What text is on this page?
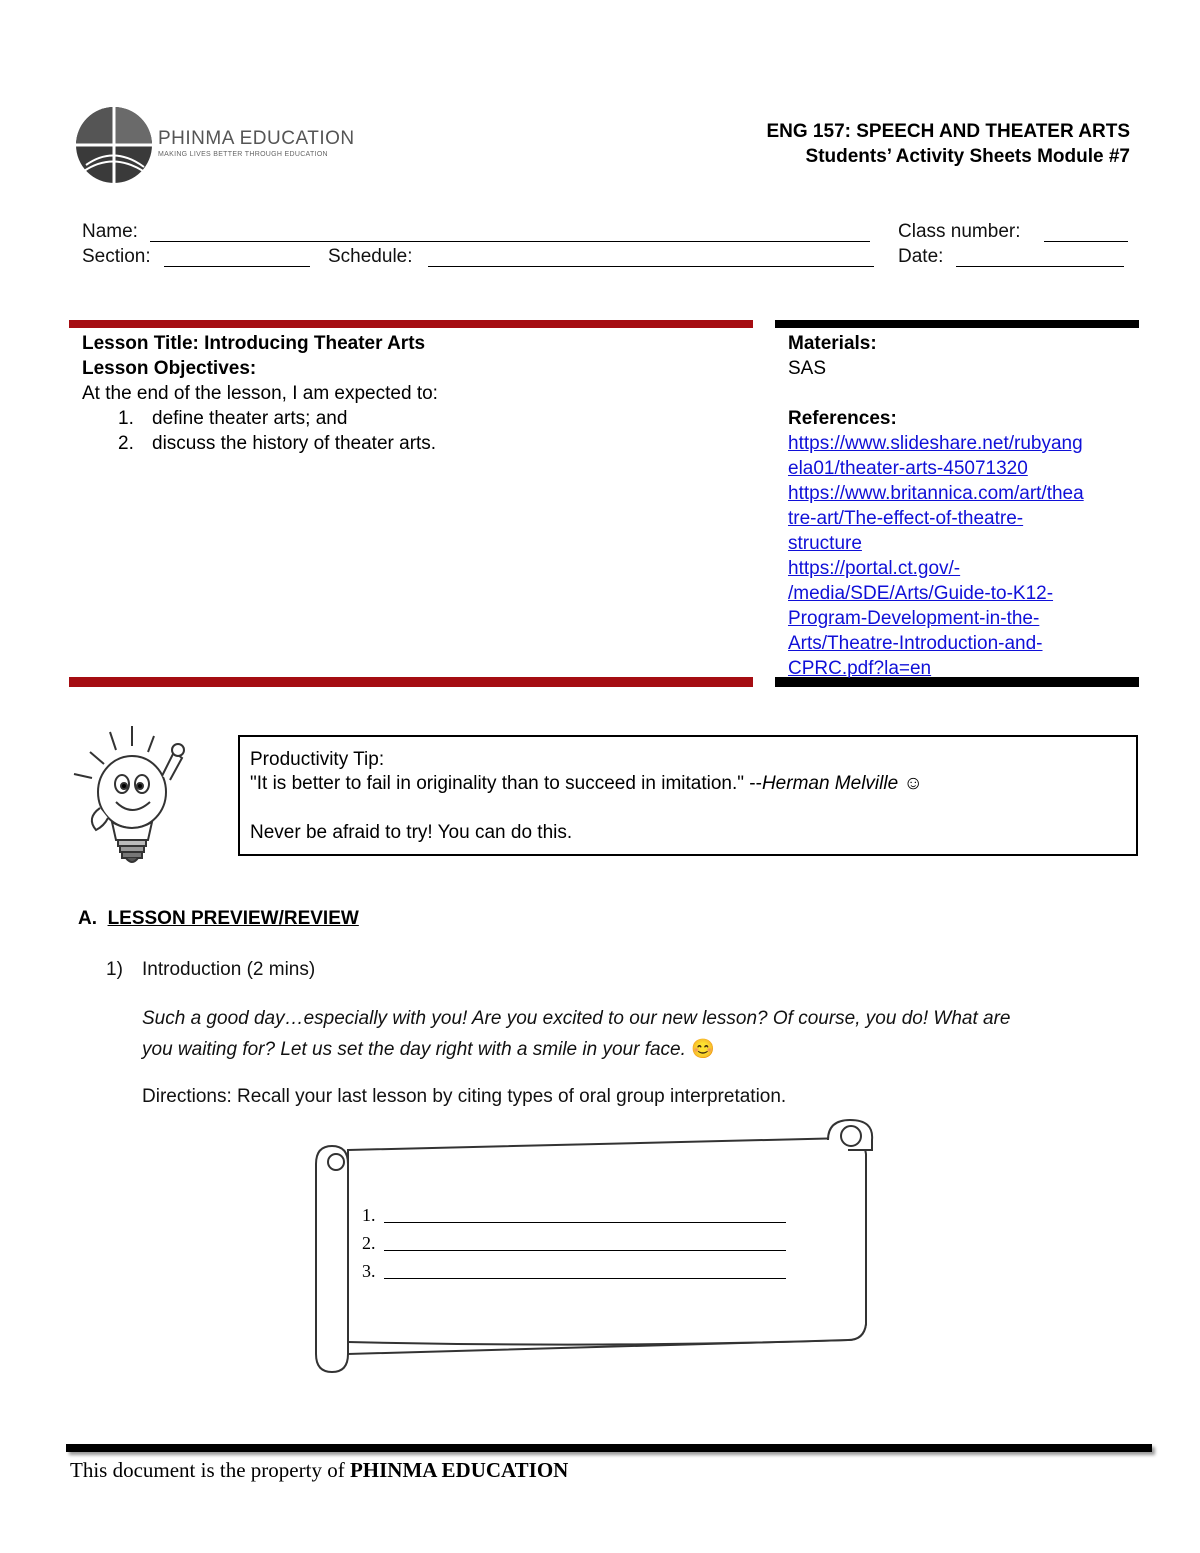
PHINMA EDUCATION
MAKING LIVES BETTER THROUGH EDUCATION
ENG 157: SPEECH AND THEATER ARTS
Students’ Activity Sheets Module #7
Name:	Class number:
Section:	Schedule:	Date:
Lesson Title: Introducing Theater Arts
Lesson Objectives:
At the end of the lesson, I am expected to:
1. define theater arts; and
2. discuss the history of theater arts.
Materials:
SAS
References:
https://www.slideshare.net/rubyang
ela01/theater-arts-45071320
https://www.britannica.com/art/thea
tre-art/The-effect-of-theatre-
structure
https://portal.ct.gov/-
/media/SDE/Arts/Guide-to-K12-
Program-Development-in-the-
Arts/Theatre-Introduction-and-
CPRC.pdf?la=en
Productivity Tip:
"It is better to fail in originality than to succeed in imitation." --Herman Melville ☺
Never be afraid to try! You can do this.
A. LESSON PREVIEW/REVIEW
1) Introduction (2 mins)
Such a good day…especially with you! Are you excited to our new lesson? Of course, you do! What are
you waiting for? Let us set the day right with a smile in your face. 😊
Directions: Recall your last lesson by citing types of oral group interpretation.
1.
2.
3.
This document is the property of PHINMA EDUCATION
